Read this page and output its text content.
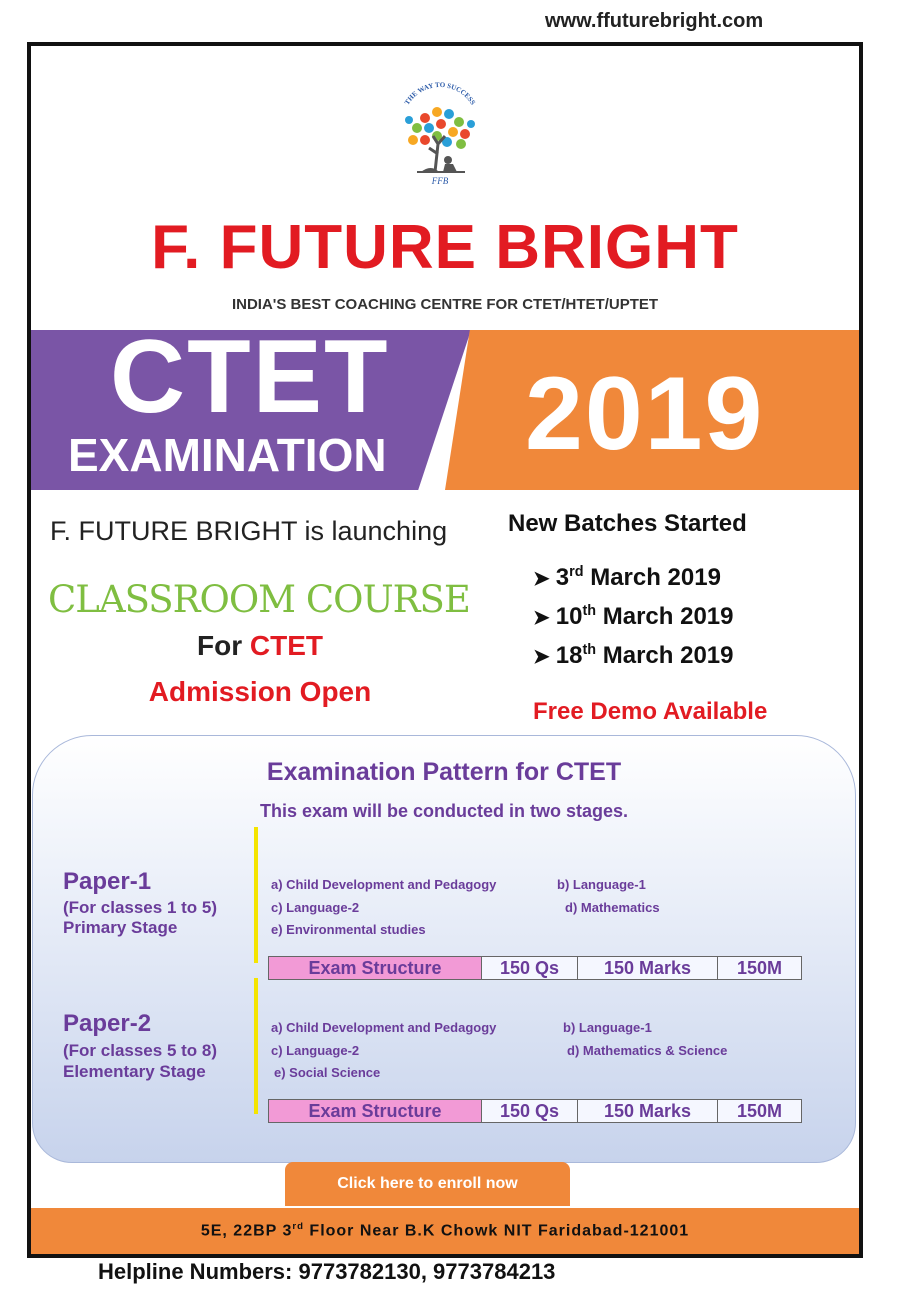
www.ffuturebright.com
THE WAY TO SUCCESS
FFB
F. FUTURE BRIGHT
INDIA'S BEST COACHING CENTRE FOR CTET/HTET/UPTET
CTET
EXAMINATION 2019
F. FUTURE BRIGHT is launching
CLASSROOM COURSE
For CTET
Admission Open
New Batches Started
➤ 3rd March 2019
➤ 10th March 2019
➤ 18th March 2019
Free Demo Available
Examination Pattern for CTET
This exam will be conducted in two stages.
Paper-1
(For classes 1 to 5)
Primary Stage
a) Child Development and Pedagogy	b) Language-1
c) Language-2	d) Mathematics
e) Environmental studies
Exam Structure	150 Qs	150 Marks	150M
Paper-2
(For classes 5 to 8)
Elementary Stage
a) Child Development and Pedagogy	b) Language-1
c) Language-2	d) Mathematics & Science
e) Social Science
Exam Structure	150 Qs	150 Marks	150M
Click here to enroll now
5E, 22BP 3rd Floor Near B.K Chowk NIT Faridabad-121001
Helpline Numbers: 9773782130, 9773784213
